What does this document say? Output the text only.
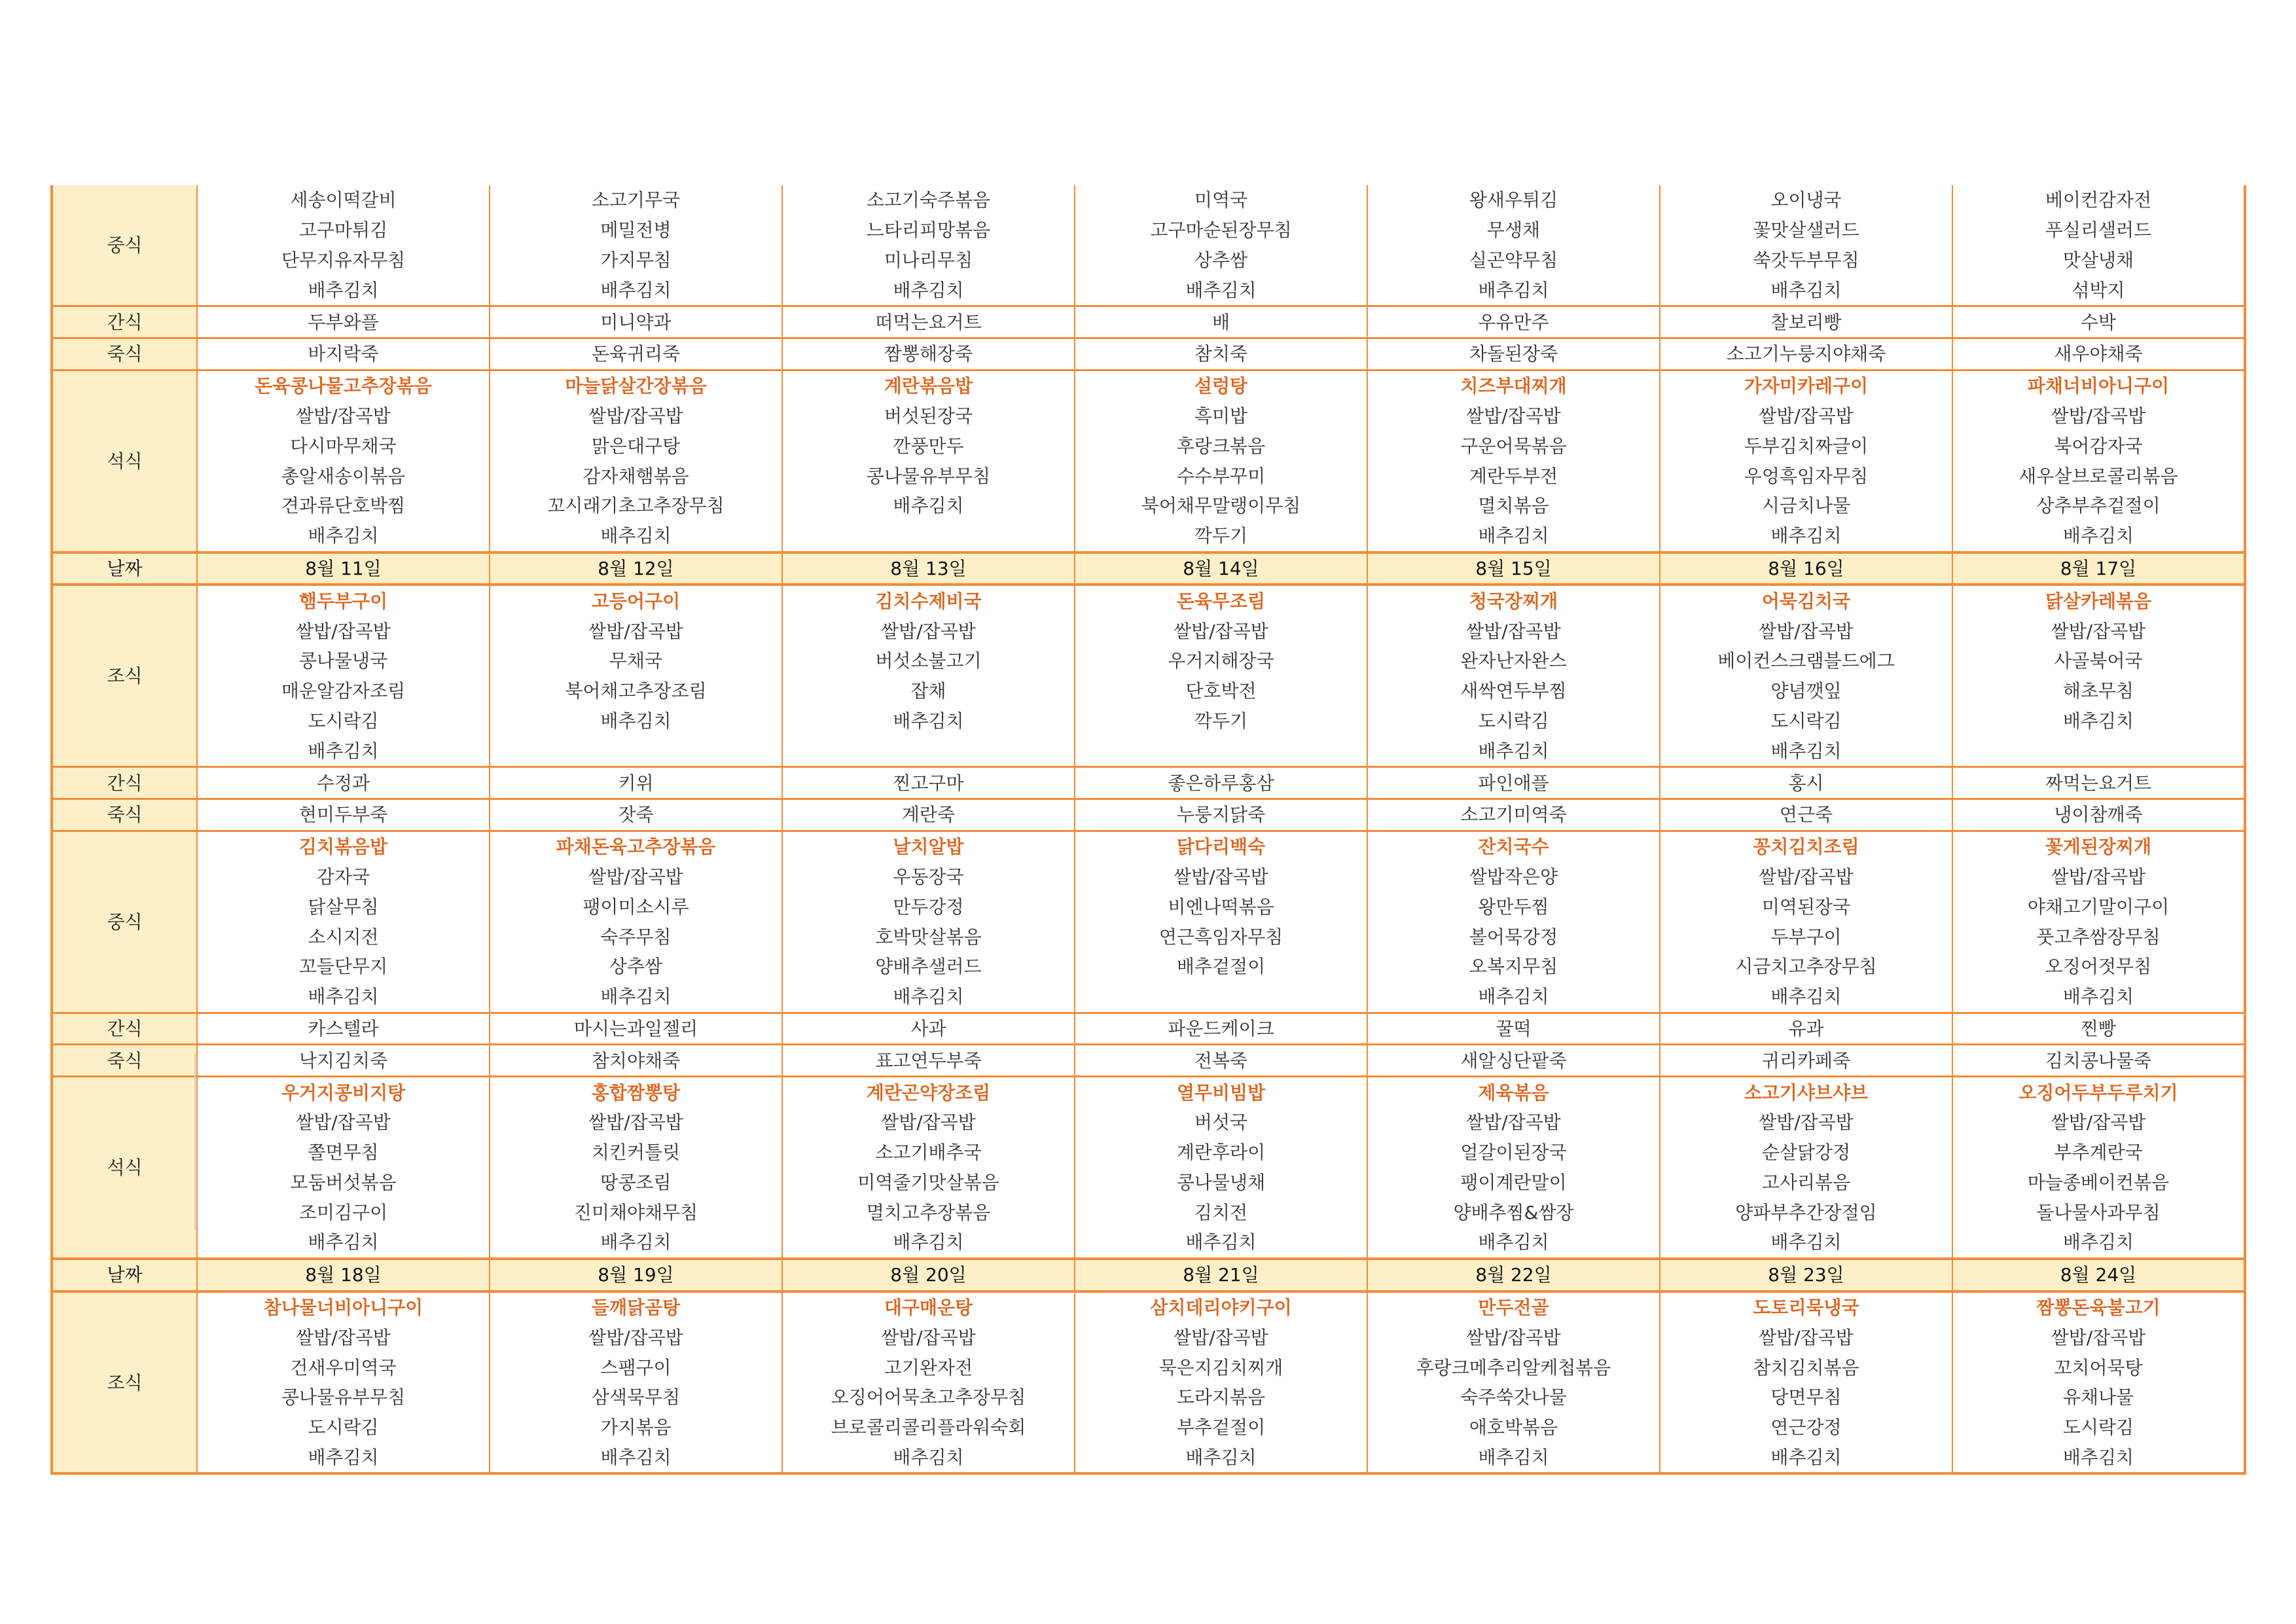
중식	세송이떡갈비	소고기무국	소고기숙주볶음	미역국	왕새우튀김	오이냉국	베이컨감자전
	고구마튀김	메밀전병	느타리피망볶음	고구마순된장무침	무생채	꽃맛살샐러드	푸실리샐러드
	단무지유자무침	가지무침	미나리무침	상추쌈	실곤약무침	쑥갓두부무침	맛살냉채
	배추김치	배추김치	배추김치	배추김치	배추김치	배추김치	섞박지
간식	두부와플	미니약과	떠먹는요거트	배	우유만주	찰보리빵	수박
죽식	바지락죽	돈육귀리죽	짬뽕해장죽	참치죽	차돌된장죽	소고기누룽지야채죽	새우야채죽
석식	돈육콩나물고추장볶음	마늘닭살간장볶음	계란볶음밥	설렁탕	치즈부대찌개	가자미카레구이	파채너비아니구이
	쌀밥/잡곡밥	쌀밥/잡곡밥	버섯된장국	흑미밥	쌀밥/잡곡밥	쌀밥/잡곡밥	쌀밥/잡곡밥
	다시마무채국	맑은대구탕	깐풍만두	후랑크볶음	구운어묵볶음	두부김치짜글이	북어감자국
	총알새송이볶음	감자채햄볶음	콩나물유부무침	수수부꾸미	계란두부전	우엉흑임자무침	새우살브로콜리볶음
	견과류단호박찜	꼬시래기초고추장무침	배추김치	북어채무말랭이무침	멸치볶음	시금치나물	상추부추겉절이
	배추김치	배추김치		깍두기	배추김치	배추김치	배추김치
날짜	8월 11일	8월 12일	8월 13일	8월 14일	8월 15일	8월 16일	8월 17일
조식	햄두부구이	고등어구이	김치수제비국	돈육무조림	청국장찌개	어묵김치국	닭살카레볶음
	쌀밥/잡곡밥	쌀밥/잡곡밥	쌀밥/잡곡밥	쌀밥/잡곡밥	쌀밥/잡곡밥	쌀밥/잡곡밥	쌀밥/잡곡밥
	콩나물냉국	무채국	버섯소불고기	우거지해장국	완자난자완스	베이컨스크램블드에그	사골북어국
	매운알감자조림	북어채고추장조림	잡채	단호박전	새싹연두부찜	양념깻잎	해초무침
	도시락김	배추김치	배추김치	깍두기	도시락김	도시락김	배추김치
	배추김치				배추김치	배추김치	
간식	수정과	키위	찐고구마	좋은하루홍삼	파인애플	홍시	짜먹는요거트
죽식	현미두부죽	잣죽	계란죽	누룽지닭죽	소고기미역죽	연근죽	냉이참깨죽
중식	김치볶음밥	파채돈육고추장볶음	날치알밥	닭다리백숙	잔치국수	꽁치김치조림	꽃게된장찌개
	감자국	쌀밥/잡곡밥	우동장국	쌀밥/잡곡밥	쌀밥작은양	쌀밥/잡곡밥	쌀밥/잡곡밥
	닭살무침	팽이미소시루	만두강정	비엔나떡볶음	왕만두찜	미역된장국	야채고기말이구이
	소시지전	숙주무침	호박맛살볶음	연근흑임자무침	볼어묵강정	두부구이	풋고추쌈장무침
	꼬들단무지	상추쌈	양배추샐러드	배추겉절이	오복지무침	시금치고추장무침	오징어젓무침
	배추김치	배추김치	배추김치		배추김치	배추김치	배추김치
간식	카스텔라	마시는과일젤리	사과	파운드케이크	꿀떡	유과	찐빵
죽식	낙지김치죽	참치야채죽	표고연두부죽	전복죽	새알싱단팥죽	귀리카페죽	김치콩나물죽
석식	우거지콩비지탕	홍합짬뽕탕	계란곤약장조림	열무비빔밥	제육볶음	소고기샤브샤브	오징어두부두루치기
	쌀밥/잡곡밥	쌀밥/잡곡밥	쌀밥/잡곡밥	버섯국	쌀밥/잡곡밥	쌀밥/잡곡밥	쌀밥/잡곡밥
	쫄면무침	치킨커틀릿	소고기배추국	계란후라이	얼갈이된장국	순살닭강정	부추계란국
	모둠버섯볶음	땅콩조림	미역줄기맛살볶음	콩나물냉채	팽이계란말이	고사리볶음	마늘종베이컨볶음
	조미김구이	진미채야채무침	멸치고추장볶음	김치전	양배추찜&쌈장	양파부추간장절임	돌나물사과무침
	배추김치	배추김치	배추김치	배추김치	배추김치	배추김치	배추김치
날짜	8월 18일	8월 19일	8월 20일	8월 21일	8월 22일	8월 23일	8월 24일
조식	참나물너비아니구이	들깨닭곰탕	대구매운탕	삼치데리야키구이	만두전골	도토리묵냉국	짬뽕돈육불고기
	쌀밥/잡곡밥	쌀밥/잡곡밥	쌀밥/잡곡밥	쌀밥/잡곡밥	쌀밥/잡곡밥	쌀밥/잡곡밥	쌀밥/잡곡밥
	건새우미역국	스팸구이	고기완자전	묵은지김치찌개	후랑크메추리알케첩볶음	참치김치볶음	꼬치어묵탕
	콩나물유부무침	삼색묵무침	오징어어묵초고추장무침	도라지볶음	숙주쑥갓나물	당면무침	유채나물
	도시락김	가지볶음	브로콜리콜리플라워숙회	부추겉절이	애호박볶음	연근강정	도시락김
	배추김치	배추김치	배추김치	배추김치	배추김치	배추김치	배추김치
